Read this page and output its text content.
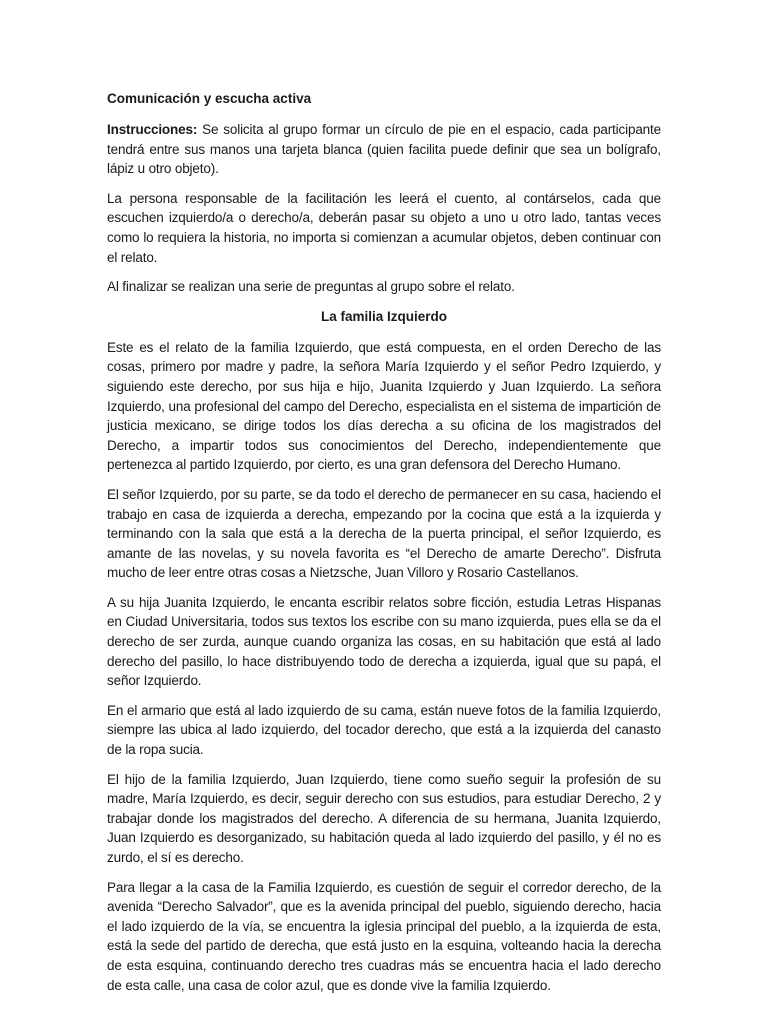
Comunicación y escucha activa

Instrucciones: Se solicita al grupo formar un círculo de pie en el espacio, cada participante tendrá entre sus manos una tarjeta blanca (quien facilita puede definir que sea un bolígrafo, lápiz u otro objeto).

La persona responsable de la facilitación les leerá el cuento, al contárselos, cada que escuchen izquierdo/a o derecho/a, deberán pasar su objeto a uno u otro lado, tantas veces como lo requiera la historia, no importa si comienzan a acumular objetos, deben continuar con el relato.

Al finalizar se realizan una serie de preguntas al grupo sobre el relato.

La familia Izquierdo

Este es el relato de la familia Izquierdo, que está compuesta, en el orden Derecho de las cosas, primero por madre y padre, la señora María Izquierdo y el señor Pedro Izquierdo, y siguiendo este derecho, por sus hija e hijo, Juanita Izquierdo y Juan Izquierdo. La señora Izquierdo, una profesional del campo del Derecho, especialista en el sistema de impartición de justicia mexicano, se dirige todos los días derecha a su oficina de los magistrados del Derecho, a impartir todos sus conocimientos del Derecho, independientemente que pertenezca al partido Izquierdo, por cierto, es una gran defensora del Derecho Humano.

El señor Izquierdo, por su parte, se da todo el derecho de permanecer en su casa, haciendo el trabajo en casa de izquierda a derecha, empezando por la cocina que está a la izquierda y terminando con la sala que está a la derecha de la puerta principal, el señor Izquierdo, es amante de las novelas, y su novela favorita es “el Derecho de amarte Derecho”. Disfruta mucho de leer entre otras cosas a Nietzsche, Juan Villoro y Rosario Castellanos.

A su hija Juanita Izquierdo, le encanta escribir relatos sobre ficción, estudia Letras Hispanas en Ciudad Universitaria, todos sus textos los escribe con su mano izquierda, pues ella se da el derecho de ser zurda, aunque cuando organiza las cosas, en su habitación que está al lado derecho del pasillo, lo hace distribuyendo todo de derecha a izquierda, igual que su papá, el señor Izquierdo.

En el armario que está al lado izquierdo de su cama, están nueve fotos de la familia Izquierdo, siempre las ubica al lado izquierdo, del tocador derecho, que está a la izquierda del canasto de la ropa sucia.

El hijo de la familia Izquierdo, Juan Izquierdo, tiene como sueño seguir la profesión de su madre, María Izquierdo, es decir, seguir derecho con sus estudios, para estudiar Derecho, 2 y trabajar donde los magistrados del derecho. A diferencia de su hermana, Juanita Izquierdo, Juan Izquierdo es desorganizado, su habitación queda al lado izquierdo del pasillo, y él no es zurdo, el sí es derecho.

Para llegar a la casa de la Familia Izquierdo, es cuestión de seguir el corredor derecho, de la avenida “Derecho Salvador”, que es la avenida principal del pueblo, siguiendo derecho, hacia el lado izquierdo de la vía, se encuentra la iglesia principal del pueblo, a la izquierda de esta, está la sede del partido de derecha, que está justo en la esquina, volteando hacia la derecha de esta esquina, continuando derecho tres cuadras más se encuentra hacia el lado derecho de esta calle, una casa de color azul, que es donde vive la familia Izquierdo.
